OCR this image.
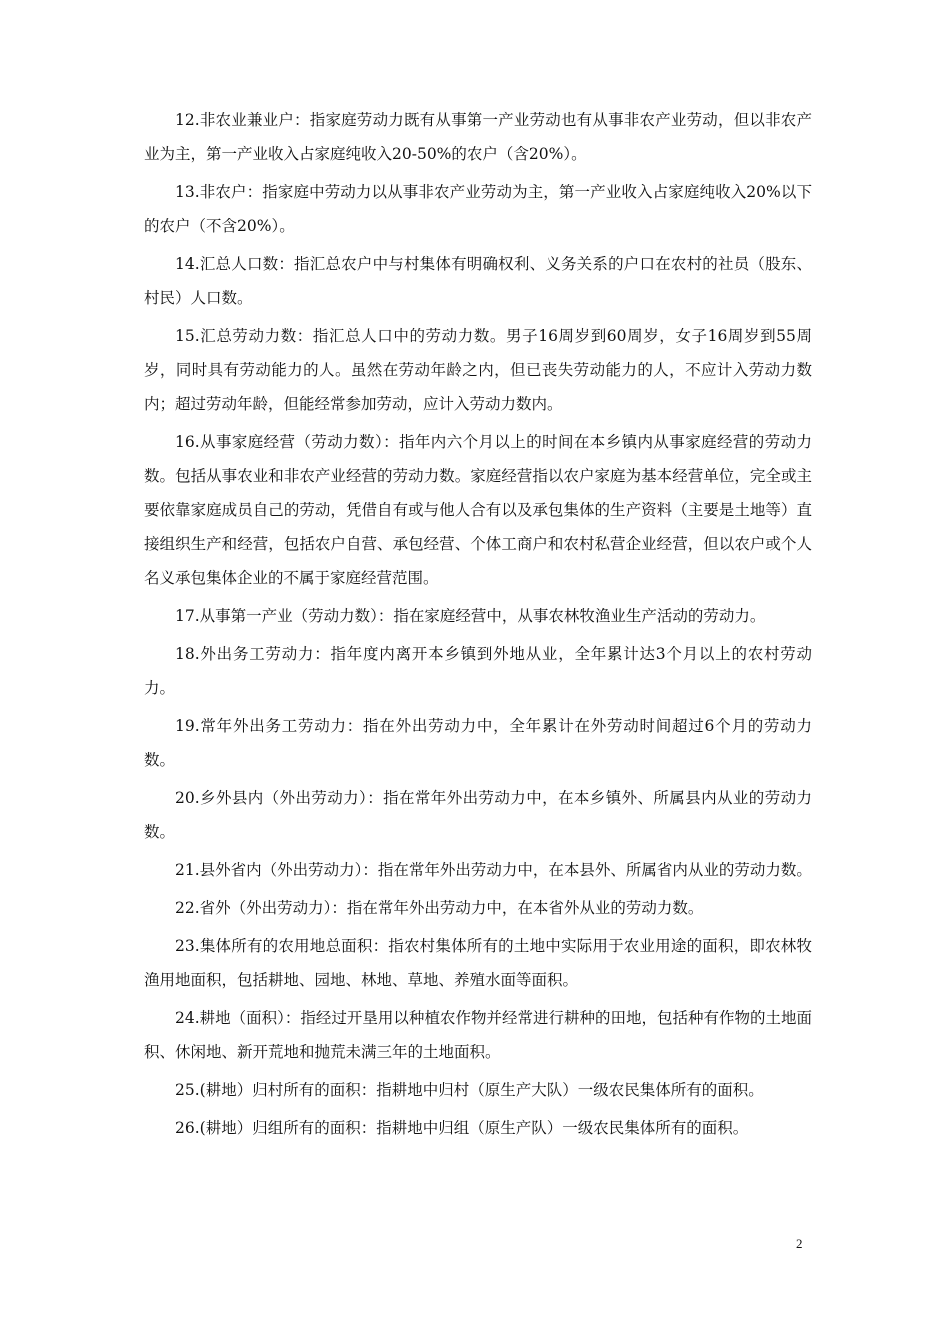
12.非农业兼业户：指家庭劳动力既有从事第一产业劳动也有从事非农产业劳动，但以非农产业为主，第一产业收入占家庭纯收入20-50%的农户（含20%）。

13.非农户：指家庭中劳动力以从事非农产业劳动为主，第一产业收入占家庭纯收入20%以下的农户（不含20%）。

14.汇总人口数：指汇总农户中与村集体有明确权利、义务关系的户口在农村的社员（股东、村民）人口数。

15.汇总劳动力数：指汇总人口中的劳动力数。男子16周岁到60周岁，女子16周岁到55周岁，同时具有劳动能力的人。虽然在劳动年龄之内，但已丧失劳动能力的人，不应计入劳动力数内；超过劳动年龄，但能经常参加劳动，应计入劳动力数内。

16.从事家庭经营（劳动力数）：指年内六个月以上的时间在本乡镇内从事家庭经营的劳动力数。包括从事农业和非农产业经营的劳动力数。家庭经营指以农户家庭为基本经营单位，完全或主要依靠家庭成员自己的劳动，凭借自有或与他人合有以及承包集体的生产资料（主要是土地等）直接组织生产和经营，包括农户自营、承包经营、个体工商户和农村私营企业经营，但以农户或个人名义承包集体企业的不属于家庭经营范围。

17.从事第一产业（劳动力数）：指在家庭经营中，从事农林牧渔业生产活动的劳动力。

18.外出务工劳动力：指年度内离开本乡镇到外地从业，全年累计达3个月以上的农村劳动力。

19.常年外出务工劳动力：指在外出劳动力中，全年累计在外劳动时间超过6个月的劳动力数。

20.乡外县内（外出劳动力）：指在常年外出劳动力中，在本乡镇外、所属县内从业的劳动力数。

21.县外省内（外出劳动力）：指在常年外出劳动力中，在本县外、所属省内从业的劳动力数。

22.省外（外出劳动力）：指在常年外出劳动力中，在本省外从业的劳动力数。

23.集体所有的农用地总面积：指农村集体所有的土地中实际用于农业用途的面积，即农林牧渔用地面积，包括耕地、园地、林地、草地、养殖水面等面积。

24.耕地（面积）：指经过开垦用以种植农作物并经常进行耕种的田地，包括种有作物的土地面积、休闲地、新开荒地和抛荒未满三年的土地面积。

25.(耕地）归村所有的面积：指耕地中归村（原生产大队）一级农民集体所有的面积。

26.(耕地）归组所有的面积：指耕地中归组（原生产队）一级农民集体所有的面积。

2
